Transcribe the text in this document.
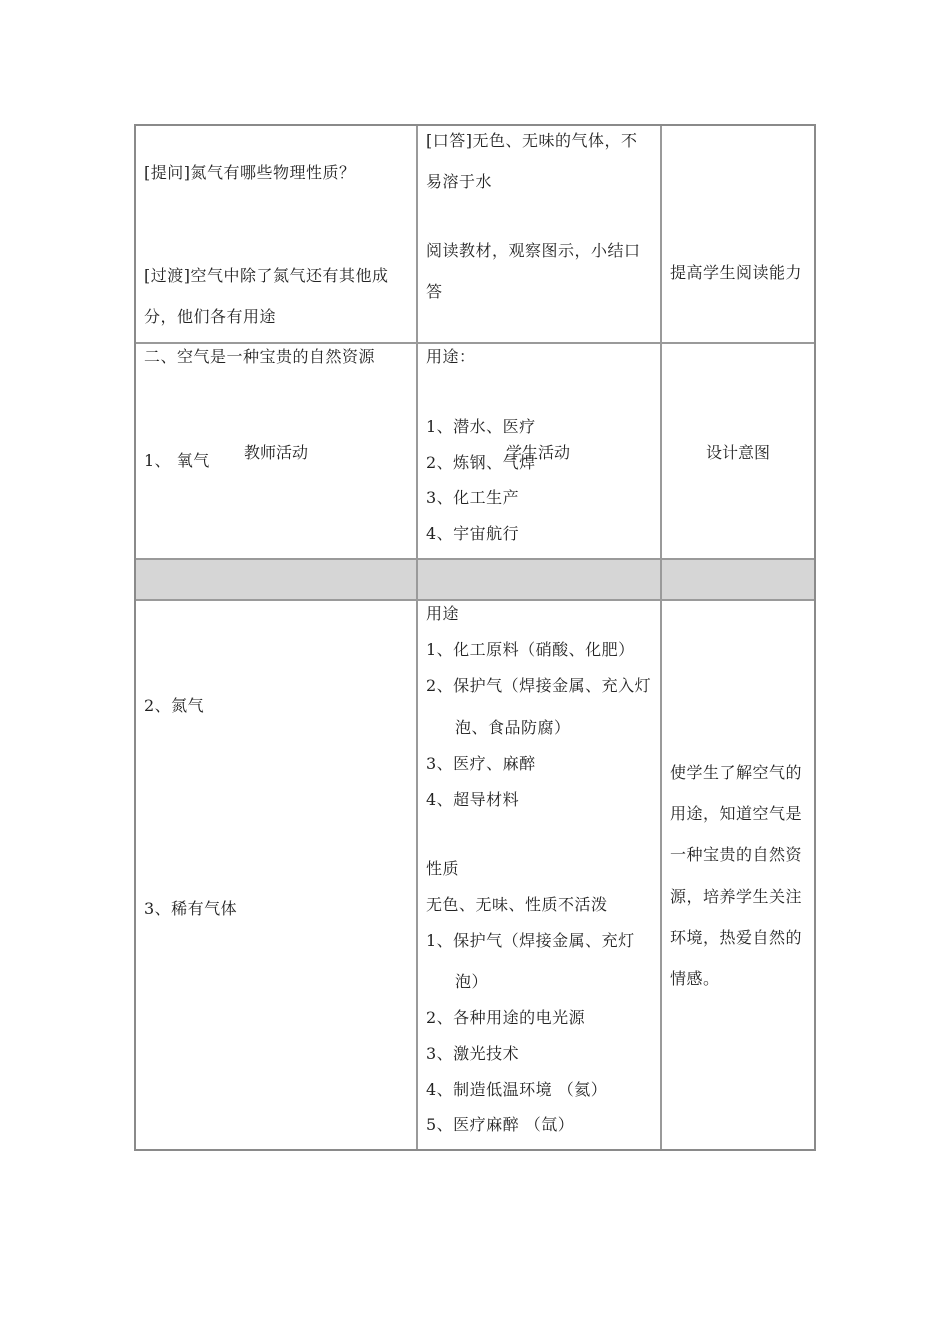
教师活动	学生活动	设计意图
[提问]氮气有哪些物理性质？
[过渡]空气中除了氮气还有其他成
分，他们各有用途
[口答]无色、无味的气体，不
易溶于水
阅读教材，观察图示，小结口
答
提高学生阅读能力
二、空气是一种宝贵的自然资源
1、 氧气
用途：
1、潜水、医疗
2、炼钢、气焊
3、化工生产
4、宇宙航行
2、氮气
3、稀有气体
用途
1、化工原料（硝酸、化肥）
2、保护气（焊接金属、充入灯
泡、食品防腐）
3、医疗、麻醉
4、超导材料
性质
无色、无味、性质不活泼
1、保护气（焊接金属、充灯
泡）
2、各种用途的电光源
3、激光技术
4、制造低温环境 （氦）
5、医疗麻醉 （氙）
使学生了解空气的
用途，知道空气是
一种宝贵的自然资
源，培养学生关注
环境，热爱自然的
情感。
